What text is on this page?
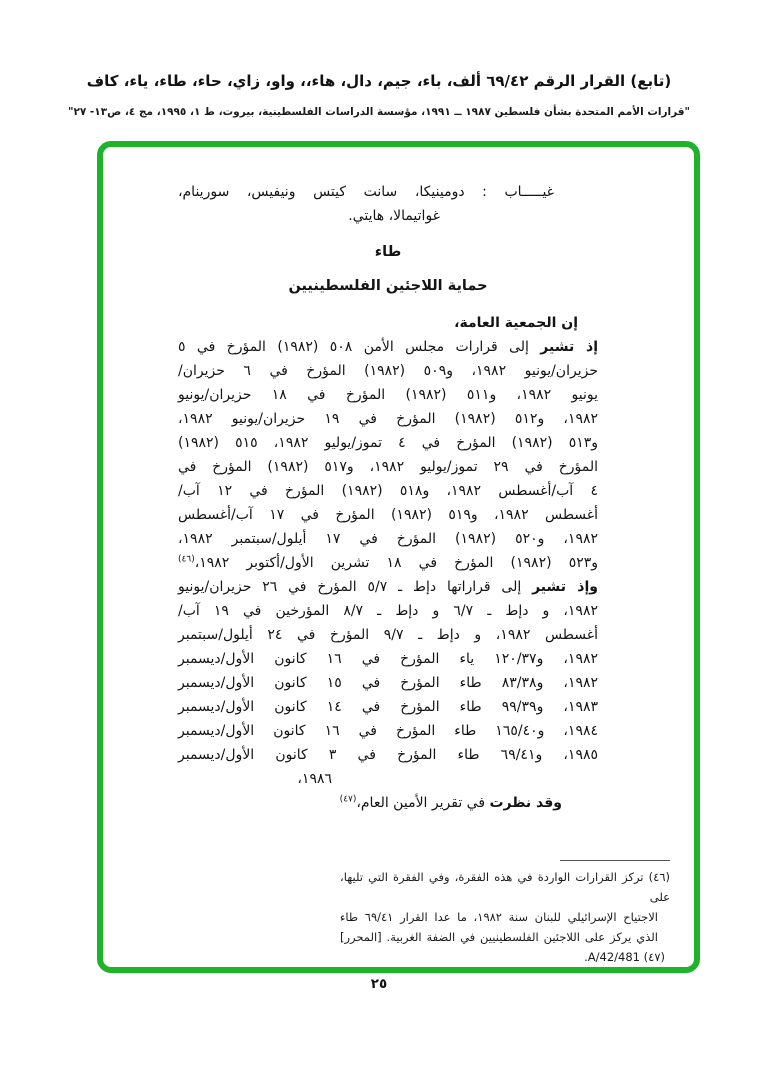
(تابع) القرار الرقم ٦٩/٤٢ ألف، باء، جيم، دال، هاء،، واو، زاي، حاء، طاء، ياء، كاف
"قرارات الأمم المتحدة بشأن فلسطين ١٩٨٧ ــ ١٩٩١، مؤسسة الدراسات الفلسطينية، بيروت، ط ١، ١٩٩٥، مج ٤، ص١٣- ٢٧"
غيـــــاب : دومينيكا، سانت كيتس ونيفيس، سورينام،
غواتيمالا، هايتي.
طاء
حماية اللاجئين الفلسطينيين
إن الجمعية العامة،
إذ تشير إلى قرارات مجلس الأمن ٥٠٨ (١٩٨٢) المؤرخ في ٥
حزيران/يونيو ١٩٨٢، و٥٠٩ (١٩٨٢) المؤرخ في ٦ حزيران/
يونيو ١٩٨٢، و٥١١ (١٩٨٢) المؤرخ في ١٨ حزيران/يونيو
١٩٨٢، و٥١٢ (١٩٨٢) المؤرخ في ١٩ حزيران/يونيو ١٩٨٢،
و٥١٣ (١٩٨٢) المؤرخ في ٤ تموز/يوليو ١٩٨٢، ٥١٥ (١٩٨٢)
المؤرخ في ٢٩ تموز/يوليو ١٩٨٢، و٥١٧ (١٩٨٢) المؤرخ في
٤ آب/أغسطس ١٩٨٢، و٥١٨ (١٩٨٢) المؤرخ في ١٢ آب/
أغسطس ١٩٨٢، و٥١٩ (١٩٨٢) المؤرخ في ١٧ آب/أغسطس
١٩٨٢، و٥٢٠ (١٩٨٢) المؤرخ في ١٧ أيلول/سبتمبر ١٩٨٢،
و٥٢٣ (١٩٨٢) المؤرخ في ١٨ تشرين الأول/أكتوبر ١٩٨٢،$^{(٤٦)}$
وإذ تشير إلى قراراتها دإط ـ ٥/٧ المؤرخ في ٢٦ حزيران/يونيو
١٩٨٢، و دإط ـ ٦/٧ و دإط ـ ٨/٧ المؤرخين في ١٩ آب/
أغسطس ١٩٨٢، و دإط ـ ٩/٧ المؤرخ في ٢٤ أيلول/سبتمبر
١٩٨٢، و١٢٠/٣٧ ياء المؤرخ في ١٦ كانون الأول/ديسمبر
١٩٨٢، و٨٣/٣٨ طاء المؤرخ في ١٥ كانون الأول/ديسمبر
١٩٨٣، و٩٩/٣٩ طاء المؤرخ في ١٤ كانون الأول/ديسمبر
١٩٨٤، و١٦٥/٤٠ طاء المؤرخ في ١٦ كانون الأول/ديسمبر
١٩٨٥، و٦٩/٤١ طاء المؤرخ في ٣ كانون الأول/ديسمبر
١٩٨٦،
وقد نظرت في تقرير الأمين العام،$^{(٤٧)}$
(٤٦) تركز القرارات الواردة في هذه الفقرة، وفي الفقرة التي تليها، على
الاجتياح الإسرائيلي للبنان سنة ١٩٨٢، ما عدا القرار ٦٩/٤١ طاء
الذي يركز على اللاجئين الفلسطينيين في الضفة الغربية. [المحرر]
(٤٧) A/42/481.
٢٥
